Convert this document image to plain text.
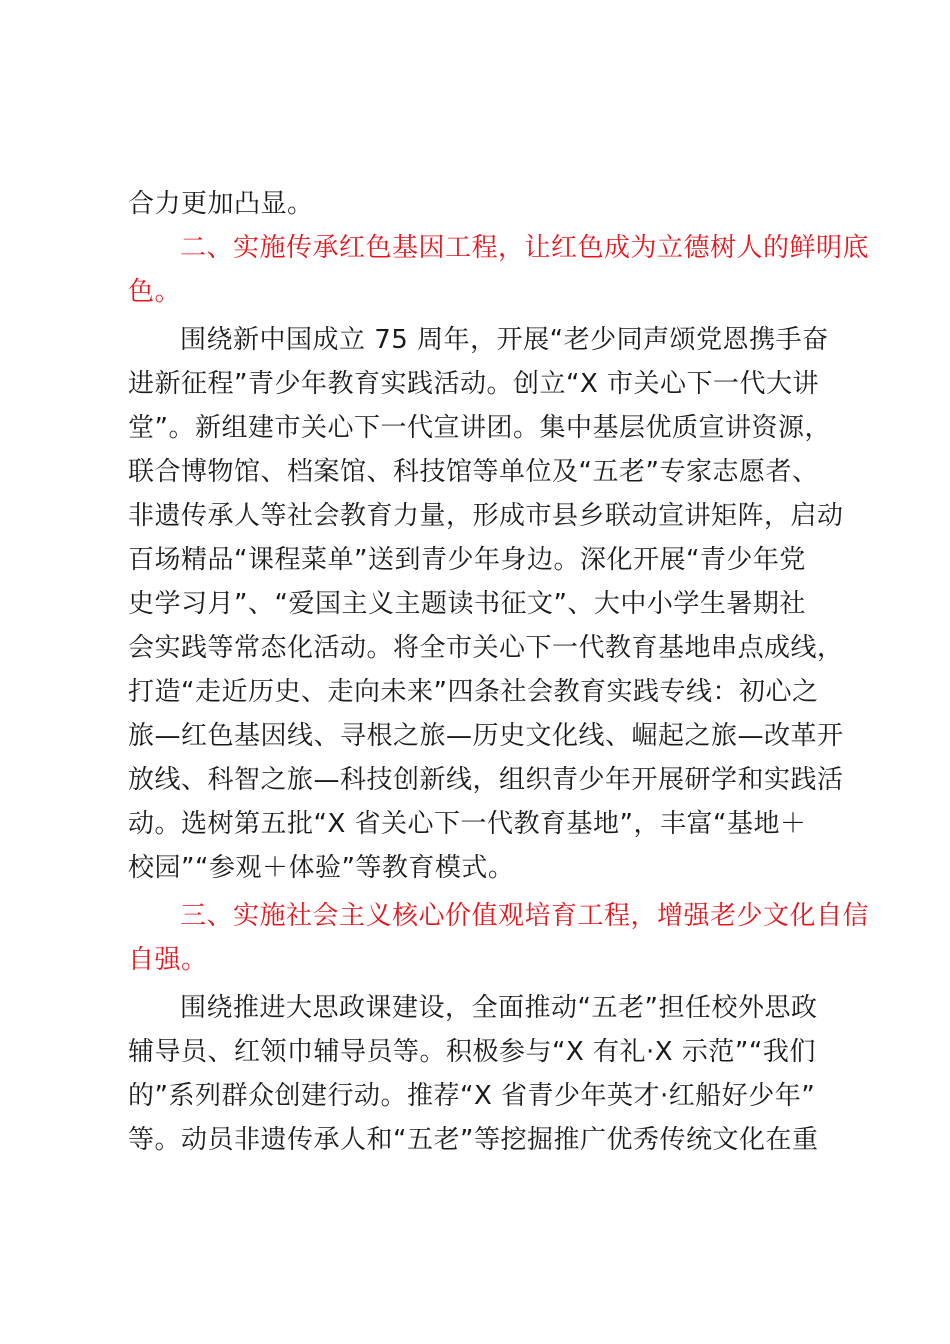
合力更加凸显。
二、实施传承红色基因工程，让红色成为立德树人的鲜明底
色。
围绕新中国成立 75 周年，开展“老少同声颂党恩携手奋
进新征程”青少年教育实践活动。创立“X 市关心下一代大讲
堂”。新组建市关心下一代宣讲团。集中基层优质宣讲资源，
联合博物馆、档案馆、科技馆等单位及“五老”专家志愿者、
非遗传承人等社会教育力量，形成市县乡联动宣讲矩阵，启动
百场精品“课程菜单”送到青少年身边。深化开展“青少年党
史学习月”、“爱国主义主题读书征文”、大中小学生暑期社
会实践等常态化活动。将全市关心下一代教育基地串点成线，
打造“走近历史、走向未来”四条社会教育实践专线：初心之
旅—红色基因线、寻根之旅—历史文化线、崛起之旅—改革开
放线、科智之旅—科技创新线，组织青少年开展研学和实践活
动。选树第五批“X 省关心下一代教育基地”，丰富“基地＋
校园”“参观＋体验”等教育模式。
三、实施社会主义核心价值观培育工程，增强老少文化自信
自强。
围绕推进大思政课建设，全面推动“五老”担任校外思政
辅导员、红领巾辅导员等。积极参与“X 有礼·X 示范”“我们
的”系列群众创建行动。推荐“X 省青少年英才·红船好少年”
等。动员非遗传承人和“五老”等挖掘推广优秀传统文化在重
